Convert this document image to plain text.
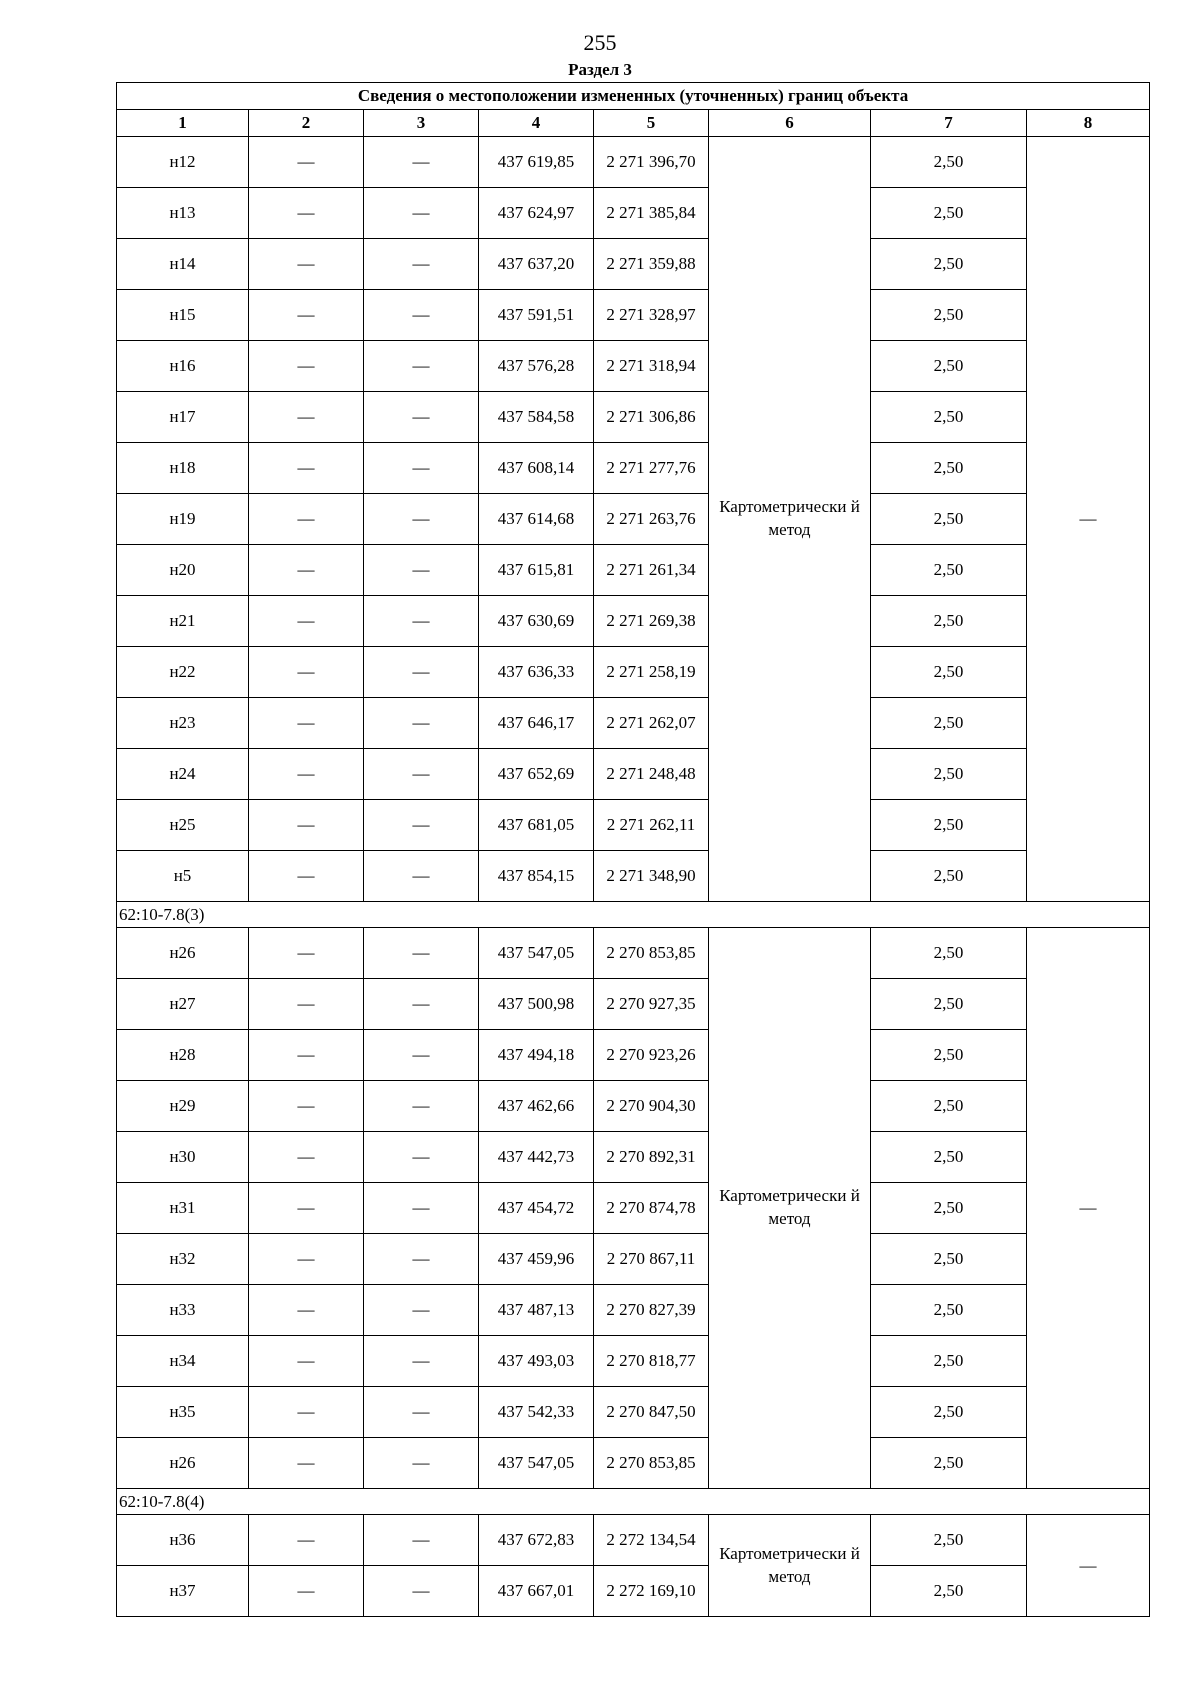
255
Раздел 3
Сведения о местоположении измененных (уточненных) границ объекта							
1	2	3	4	5	6	7	8
н12	—	—	437 619,85	2 271 396,70	Картометрически й метод	2,50	—
н13	—	—	437 624,97	2 271 385,84		2,50	
н14	—	—	437 637,20	2 271 359,88		2,50	
н15	—	—	437 591,51	2 271 328,97		2,50	
н16	—	—	437 576,28	2 271 318,94		2,50	
н17	—	—	437 584,58	2 271 306,86		2,50	
н18	—	—	437 608,14	2 271 277,76		2,50	
н19	—	—	437 614,68	2 271 263,76		2,50	
н20	—	—	437 615,81	2 271 261,34		2,50	
н21	—	—	437 630,69	2 271 269,38		2,50	
н22	—	—	437 636,33	2 271 258,19		2,50	
н23	—	—	437 646,17	2 271 262,07		2,50	
н24	—	—	437 652,69	2 271 248,48		2,50	
н25	—	—	437 681,05	2 271 262,11		2,50	
н5	—	—	437 854,15	2 271 348,90		2,50	
62:10-7.8(3)							
н26	—	—	437 547,05	2 270 853,85	Картометрически й метод	2,50	—
н27	—	—	437 500,98	2 270 927,35		2,50	
н28	—	—	437 494,18	2 270 923,26		2,50	
н29	—	—	437 462,66	2 270 904,30		2,50	
н30	—	—	437 442,73	2 270 892,31		2,50	
н31	—	—	437 454,72	2 270 874,78		2,50	
н32	—	—	437 459,96	2 270 867,11		2,50	
н33	—	—	437 487,13	2 270 827,39		2,50	
н34	—	—	437 493,03	2 270 818,77		2,50	
н35	—	—	437 542,33	2 270 847,50		2,50	
н26	—	—	437 547,05	2 270 853,85		2,50	
62:10-7.8(4)							
н36	—	—	437 672,83	2 272 134,54	Картометрически й метод	2,50	—
н37	—	—	437 667,01	2 272 169,10		2,50	
